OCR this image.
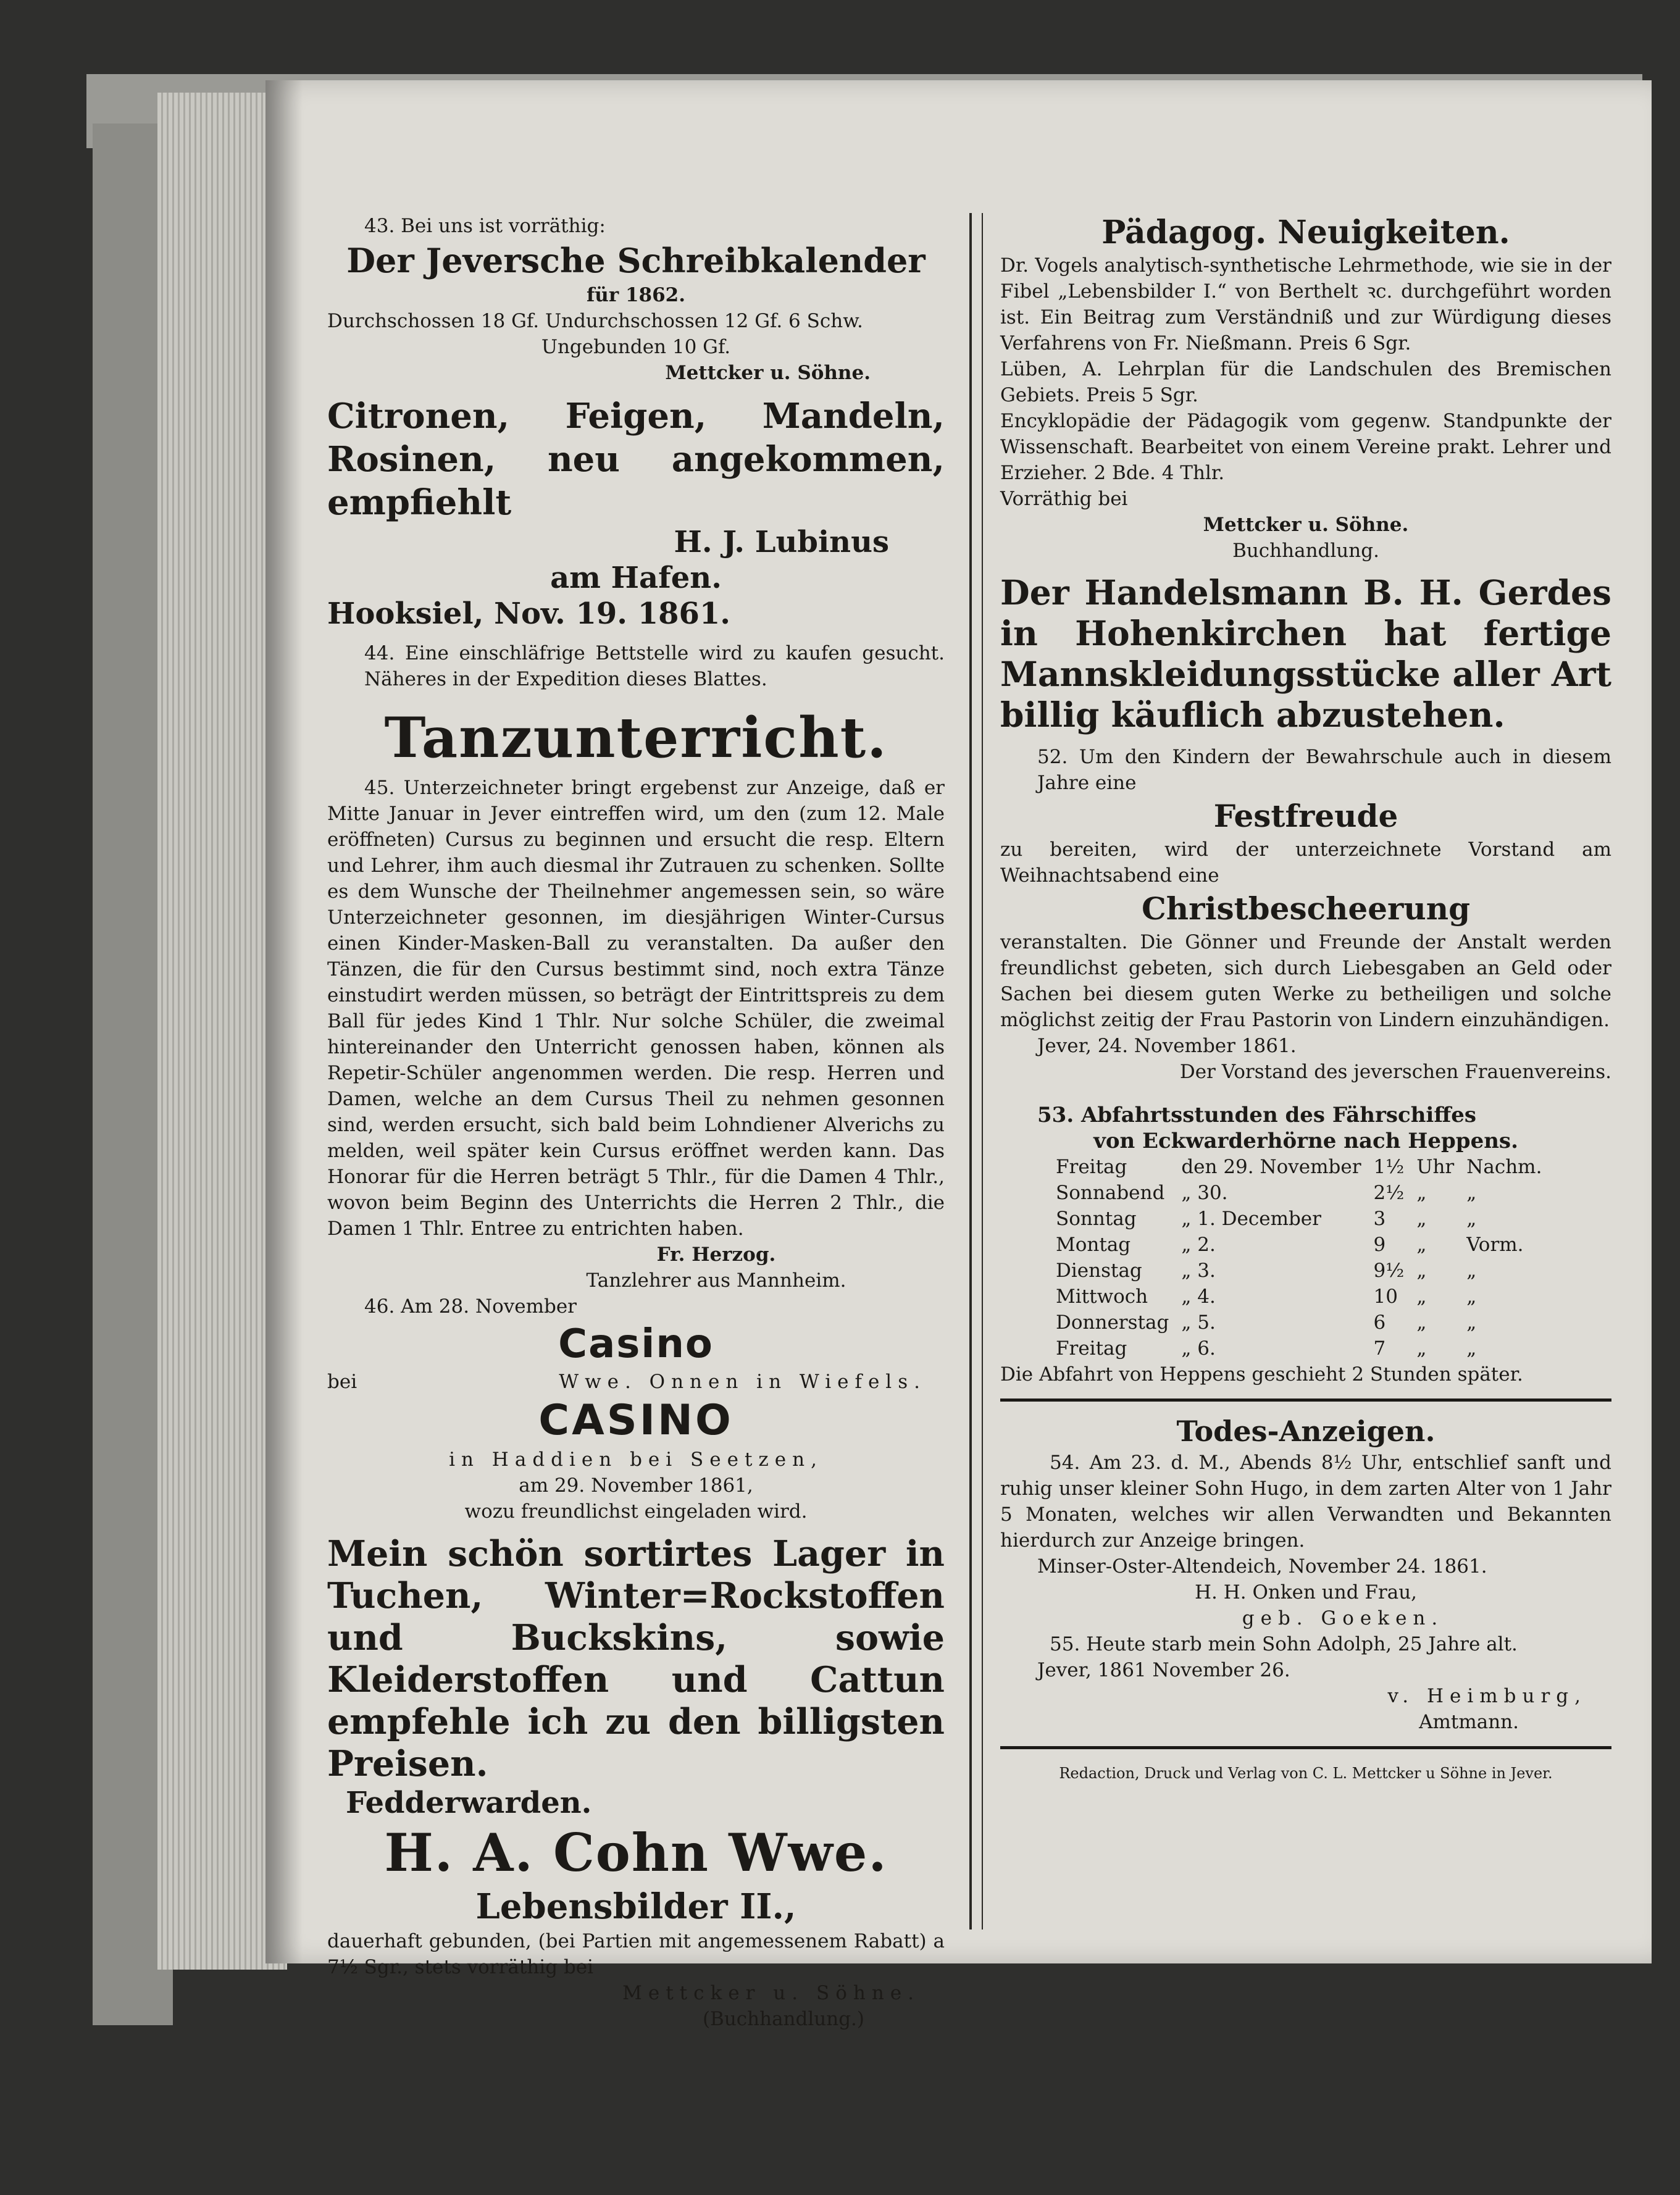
43. Bei uns ist vorräthig:

Der Jeversche Schreibkalender

für 1862.

Durchschossen 18 Gf. Undurchschossen 12 Gf. 6 Schw.

Ungebunden 10 Gf.

Mettcker u. Söhne.

Citronen, Feigen, Mandeln, Rosinen, neu angekommen, empfiehlt

H. J. Lubinus

am Hafen.

Hooksiel, Nov. 19. 1861.

44. Eine einschläfrige Bettstelle wird zu kaufen gesucht. Näheres in der Expedition dieses Blattes.

Tanzunterricht.

45. Unterzeichneter bringt ergebenst zur Anzeige, daß er Mitte Januar in Jever eintreffen wird, um den (zum 12. Male eröffneten) Cursus zu beginnen und ersucht die resp. Eltern und Lehrer, ihm auch diesmal ihr Zutrauen zu schenken. Sollte es dem Wunsche der Theilnehmer angemessen sein, so wäre Unterzeichneter gesonnen, im diesjährigen Winter-Cursus einen Kinder-Masken-Ball zu veranstalten. Da außer den Tänzen, die für den Cursus bestimmt sind, noch extra Tänze einstudirt werden müssen, so beträgt der Eintrittspreis zu dem Ball für jedes Kind 1 Thlr. Nur solche Schüler, die zweimal hintereinander den Unterricht genossen haben, können als Repetir-Schüler angenommen werden. Die resp. Herren und Damen, welche an dem Cursus Theil zu nehmen gesonnen sind, werden ersucht, sich bald beim Lohndiener Alverichs zu melden, weil später kein Cursus eröffnet werden kann. Das Honorar für die Herren beträgt 5 Thlr., für die Damen 4 Thlr., wovon beim Beginn des Unterrichts die Herren 2 Thlr., die Damen 1 Thlr. Entree zu entrichten haben.

Fr. Herzog.

Tanzlehrer aus Mannheim.

46. Am 28. November

Casino

bei	Wwe. Onnen in Wiefels.

CASINO

in Haddien bei Seetzen,

am 29. November 1861,

wozu freundlichst eingeladen wird.

Mein schön sortirtes Lager in Tuchen, Winter=Rockstoffen und Buckskins, sowie Kleiderstoffen und Cattun empfehle ich zu den billigsten Preisen.

Fedderwarden.

H. A. Cohn Wwe.

Lebensbilder II.,

dauerhaft gebunden, (bei Partien mit angemessenem Rabatt) a 7½ Sgr., stets vorräthig bei

Mettcker u. Söhne.

(Buchhandlung.)

Pädagog. Neuigkeiten.

Dr. Vogels analytisch-synthetische Lehrmethode, wie sie in der Fibel „Lebensbilder I.“ von Berthelt ꝛc. durchgeführt worden ist. Ein Beitrag zum Verständniß und zur Würdigung dieses Verfahrens von Fr. Nießmann. Preis 6 Sgr.

Lüben, A. Lehrplan für die Landschulen des Bremischen Gebiets. Preis 5 Sgr.

Encyklopädie der Pädagogik vom gegenw. Standpunkte der Wissenschaft. Bearbeitet von einem Vereine prakt. Lehrer und Erzieher. 2 Bde. 4 Thlr.

Vorräthig bei

Mettcker u. Söhne.

Buchhandlung.

Der Handelsmann B. H. Gerdes in Hohenkirchen hat fertige Mannskleidungsstücke aller Art billig käuflich abzustehen.

52. Um den Kindern der Bewahrschule auch in diesem Jahre eine

Festfreude

zu bereiten, wird der unterzeichnete Vorstand am Weihnachtsabend eine

Christbescheerung

veranstalten. Die Gönner und Freunde der Anstalt werden freundlichst gebeten, sich durch Liebesgaben an Geld oder Sachen bei diesem guten Werke zu betheiligen und solche möglichst zeitig der Frau Pastorin von Lindern einzuhändigen.

Jever, 24. November 1861.

Der Vorstand des jeverschen Frauenvereins.

53. Abfahrtsstunden des Fährschiffes

von Eckwarderhörne nach Heppens.

Freitag	den 29. November	1½	Uhr	Nachm.
Sonnabend	„ 30.	2½	„	„
Sonntag	„ 1. December	3	„	„
Montag	„ 2.	9	„	Vorm.
Dienstag	„ 3.	9½	„	„
Mittwoch	„ 4.	10	„	„
Donnerstag	„ 5.	6	„	„
Freitag	„ 6.	7	„	„

Die Abfahrt von Heppens geschieht 2 Stunden später.

Todes-Anzeigen.

54. Am 23. d. M., Abends 8½ Uhr, entschlief sanft und ruhig unser kleiner Sohn Hugo, in dem zarten Alter von 1 Jahr 5 Monaten, welches wir allen Verwandten und Bekannten hierdurch zur Anzeige bringen.

Minser-Oster-Altendeich, November 24. 1861.

H. H. Onken und Frau,

geb. Goeken.

55. Heute starb mein Sohn Adolph, 25 Jahre alt.

Jever, 1861 November 26.

v. Heimburg,

Amtmann.

Redaction, Druck und Verlag von C. L. Mettcker u Söhne in Jever.
